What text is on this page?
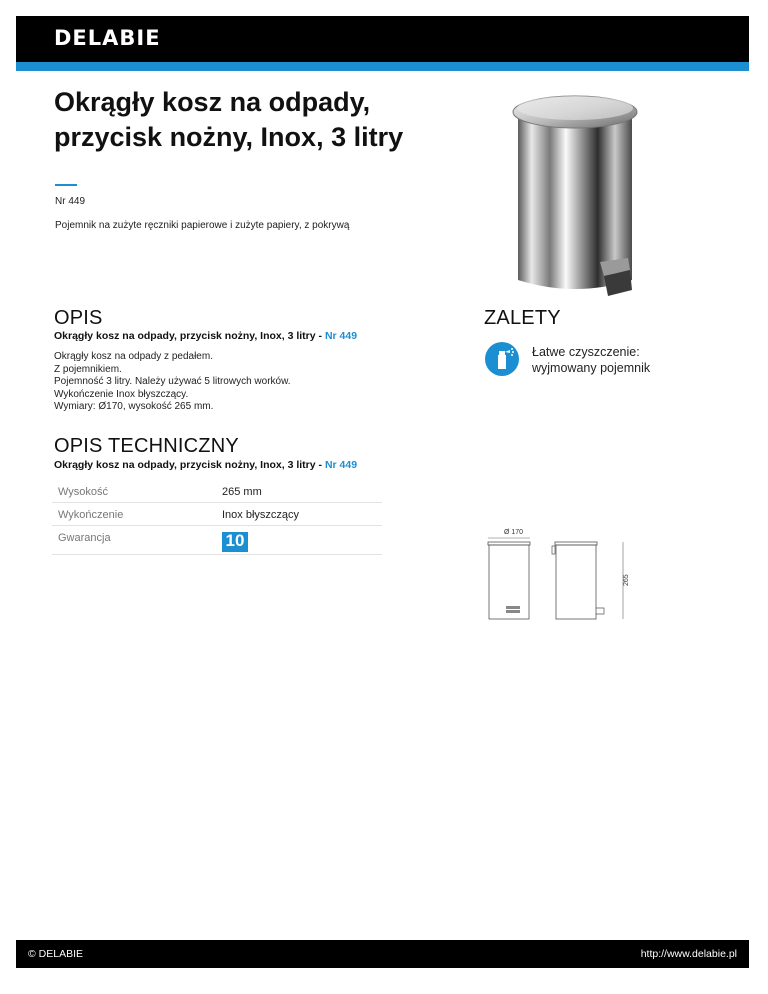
DELABIE
Okrągły kosz na odpady, przycisk nożny, Inox, 3 litry
Nr 449
Pojemnik na zużyte ręczniki papierowe i zużyte papiery, z pokrywą
OPIS
Okrągły kosz na odpady, przycisk nożny, Inox, 3 litry - Nr 449
Okrągły kosz na odpady z pedałem.
Z pojemnikiem.
Pojemność 3 litry. Należy używać 5 litrowych worków.
Wykończenie Inox błyszczący.
Wymiary: Ø170, wysokość 265 mm.
ZALETY
Łatwe czyszczenie:
wyjmowany pojemnik
OPIS TECHNICZNY
Okrągły kosz na odpady, przycisk nożny, Inox, 3 litry - Nr 449
Wysokość	265 mm
Wykończenie	Inox błyszczący
Gwarancja	10	Ø 170
265
© DELABIE	http://www.delabie.pl
